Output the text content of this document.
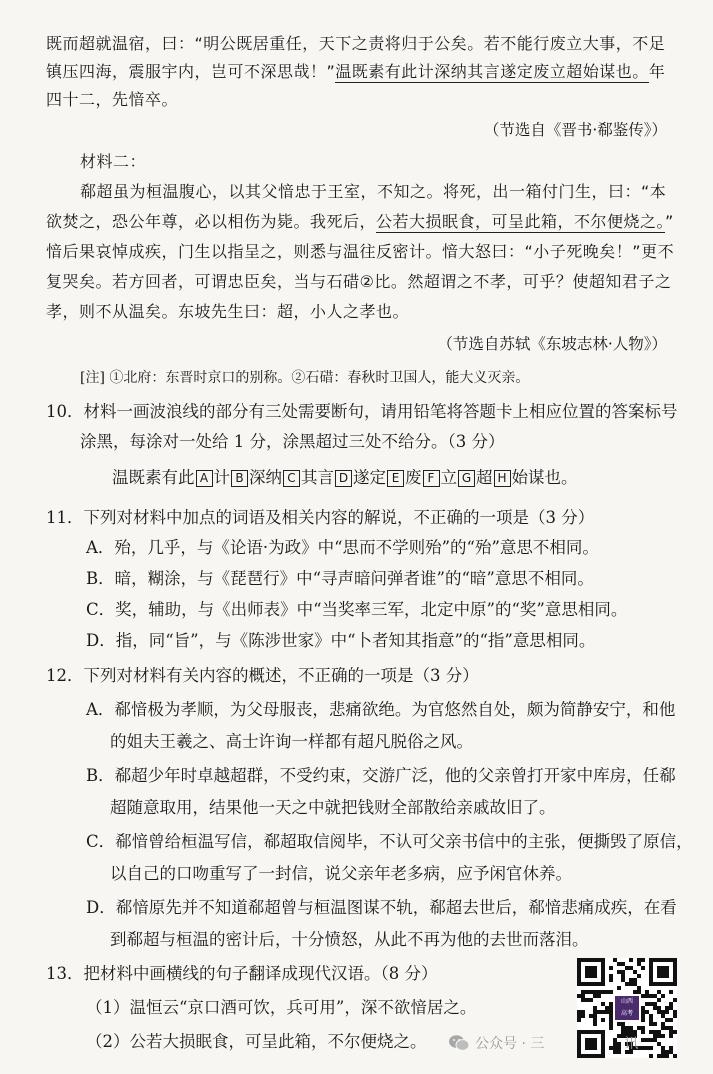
既而超就温宿，曰：“明公既居重任，天下之责将归于公矣。若不能行废立大事，不足
镇压四海，震服宇内，岂可不深思哉！”温既素有此计深纳其言遂定废立超始谋也。年
四十二，先愔卒。
（节选自《晋书·郗鉴传》）
材料二：
郗超虽为桓温腹心，以其父愔忠于王室，不知之。将死，出一箱付门生，曰：“本
欲焚之，恐公年尊，必以相伤为毙。我死后，公若大损眠食，可呈此箱，不尔便烧之。”
愔后果哀悼成疾，门生以指呈之，则悉与温往反密计。愔大怒曰：“小子死晚矣！”更不
复哭矣。若方回者，可谓忠臣矣，当与石碏②比。然超谓之不孝，可乎？使超知君子之
孝，则不从温矣。东坡先生曰：超，小人之孝也。
（节选自苏轼《东坡志林·人物》）
[注] ①北府：东晋时京口的别称。②石碏：春秋时卫国人，能大义灭亲。
10．材料一画波浪线的部分有三处需要断句，请用铅笔将答题卡上相应位置的答案标号
涂黑，每涂对一处给 1 分，涂黑超过三处不给分。（3 分）
温既素有此 A 计 B 深纳 C 其言 D 遂定 E 废 F 立 G 超 H 始谋也。
11．下列对材料中加点的词语及相关内容的解说，不正确的一项是（3 分）
A．殆，几乎，与《论语·为政》中“思而不学则殆”的“殆”意思不相同。
B．暗，糊涂，与《琵琶行》中“寻声暗问弹者谁”的“暗”意思不相同。
C．奖，辅助，与《出师表》中“当奖率三军，北定中原”的“奖”意思相同。
D．指，同“旨”，与《陈涉世家》中“卜者知其指意”的“指”意思相同。
12．下列对材料有关内容的概述，不正确的一项是（3 分）
A．郗愔极为孝顺，为父母服丧，悲痛欲绝。为官悠然自处，颇为简静安宁，和他
的姐夫王羲之、高士许询一样都有超凡脱俗之风。
B．郗超少年时卓越超群，不受约束，交游广泛，他的父亲曾打开家中库房，任郗
超随意取用，结果他一天之中就把钱财全部散给亲戚故旧了。
C．郗愔曾给桓温写信，郗超取信阅毕，不认可父亲书信中的主张，便撕毁了原信，
以自己的口吻重写了一封信，说父亲年老多病，应予闲官休养。
D．郗愔原先并不知道郗超曾与桓温图谋不轨，郗超去世后，郗愔悲痛成疾，在看
到郗超与桓温的密计后，十分愤怒，从此不再为他的去世而落泪。
13．把材料中画横线的句子翻译成现代汉语。（8 分）
（1）温恒云“京口酒可饮，兵可用”，深不欲愔居之。
（2）公若大损眠食，可呈此箱，不尔便烧之。
山西
高考
公众号 · 三	讯
